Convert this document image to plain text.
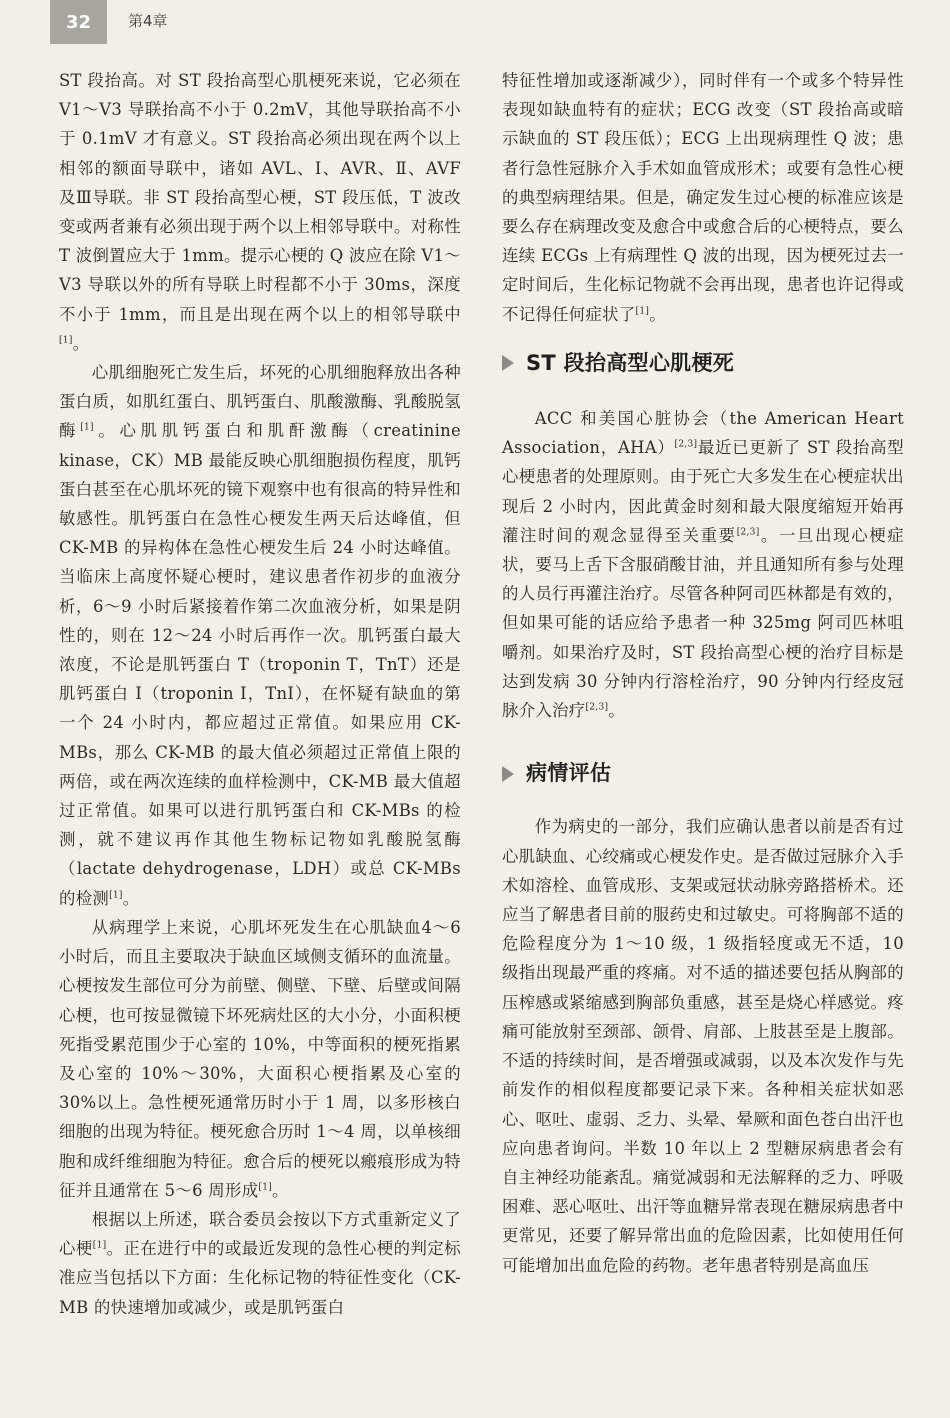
32	第4章

ST 段抬高。对 ST 段抬高型心肌梗死来说，它必须在 V1～V3 导联抬高不小于 0.2mV，其他导联抬高不小于 0.1mV 才有意义。ST 段抬高必须出现在两个以上相邻的额面导联中，诸如 AVL、Ⅰ、AVR、Ⅱ、AVF 及Ⅲ导联。非 ST 段抬高型心梗，ST 段压低，T 波改变或两者兼有必须出现于两个以上相邻导联中。对称性 T 波倒置应大于 1mm。提示心梗的 Q 波应在除 V1～V3 导联以外的所有导联上时程都不小于 30ms，深度不小于 1mm，而且是出现在两个以上的相邻导联中[1]。

心肌细胞死亡发生后，坏死的心肌细胞释放出各种蛋白质，如肌红蛋白、肌钙蛋白、肌酸激酶、乳酸脱氢酶[1]。心肌肌钙蛋白和肌酐激酶（creatinine kinase，CK）MB 最能反映心肌细胞损伤程度，肌钙蛋白甚至在心肌坏死的镜下观察中也有很高的特异性和敏感性。肌钙蛋白在急性心梗发生两天后达峰值，但 CK-MB 的异构体在急性心梗发生后 24 小时达峰值。当临床上高度怀疑心梗时，建议患者作初步的血液分析，6～9 小时后紧接着作第二次血液分析，如果是阴性的，则在 12～24 小时后再作一次。肌钙蛋白最大浓度，不论是肌钙蛋白 T（troponin T，TnT）还是肌钙蛋白 I（troponin I，TnI），在怀疑有缺血的第一个 24 小时内，都应超过正常值。如果应用 CK-MBs，那么 CK-MB 的最大值必须超过正常值上限的两倍，或在两次连续的血样检测中，CK-MB 最大值超过正常值。如果可以进行肌钙蛋白和 CK-MBs 的检测，就不建议再作其他生物标记物如乳酸脱氢酶（lactate dehydrogenase，LDH）或总 CK-MBs 的检测[1]。

从病理学上来说，心肌坏死发生在心肌缺血4～6 小时后，而且主要取决于缺血区域侧支循环的血流量。心梗按发生部位可分为前壁、侧壁、下壁、后壁或间隔心梗，也可按显微镜下坏死病灶区的大小分，小面积梗死指受累范围少于心室的 10%，中等面积的梗死指累及心室的 10%～30%，大面积心梗指累及心室的 30%以上。急性梗死通常历时小于 1 周，以多形核白细胞的出现为特征。梗死愈合历时 1～4 周，以单核细胞和成纤维细胞为特征。愈合后的梗死以瘢痕形成为特征并且通常在 5～6 周形成[1]。

根据以上所述，联合委员会按以下方式重新定义了心梗[1]。正在进行中的或最近发现的急性心梗的判定标准应当包括以下方面：生化标记物的特征性变化（CK-MB 的快速增加或减少，或是肌钙蛋白

特征性增加或逐渐减少），同时伴有一个或多个特异性表现如缺血特有的症状；ECG 改变（ST 段抬高或暗示缺血的 ST 段压低）；ECG 上出现病理性 Q 波；患者行急性冠脉介入手术如血管成形术；或要有急性心梗的典型病理结果。但是，确定发生过心梗的标准应该是要么存在病理改变及愈合中或愈合后的心梗特点，要么连续 ECGs 上有病理性 Q 波的出现，因为梗死过去一定时间后，生化标记物就不会再出现，患者也许记得或不记得任何症状了[1]。

ST 段抬高型心肌梗死

ACC 和美国心脏协会（the American Heart Association，AHA）[2,3]最近已更新了 ST 段抬高型心梗患者的处理原则。由于死亡大多发生在心梗症状出现后 2 小时内，因此黄金时刻和最大限度缩短开始再灌注时间的观念显得至关重要[2,3]。一旦出现心梗症状，要马上舌下含服硝酸甘油，并且通知所有参与处理的人员行再灌注治疗。尽管各种阿司匹林都是有效的，但如果可能的话应给予患者一种 325mg 阿司匹林咀嚼剂。如果治疗及时，ST 段抬高型心梗的治疗目标是达到发病 30 分钟内行溶栓治疗，90 分钟内行经皮冠脉介入治疗[2,3]。

病情评估

作为病史的一部分，我们应确认患者以前是否有过心肌缺血、心绞痛或心梗发作史。是否做过冠脉介入手术如溶栓、血管成形、支架或冠状动脉旁路搭桥术。还应当了解患者目前的服药史和过敏史。可将胸部不适的危险程度分为 1～10 级，1 级指轻度或无不适，10 级指出现最严重的疼痛。对不适的描述要包括从胸部的压榨感或紧缩感到胸部负重感，甚至是烧心样感觉。疼痛可能放射至颈部、颌骨、肩部、上肢甚至是上腹部。不适的持续时间，是否增强或减弱，以及本次发作与先前发作的相似程度都要记录下来。各种相关症状如恶心、呕吐、虚弱、乏力、头晕、晕厥和面色苍白出汗也应向患者询问。半数 10 年以上 2 型糖尿病患者会有自主神经功能紊乱。痛觉减弱和无法解释的乏力、呼吸困难、恶心呕吐、出汗等血糖异常表现在糖尿病患者中更常见，还要了解异常出血的危险因素，比如使用任何可能增加出血危险的药物。老年患者特别是高血压
